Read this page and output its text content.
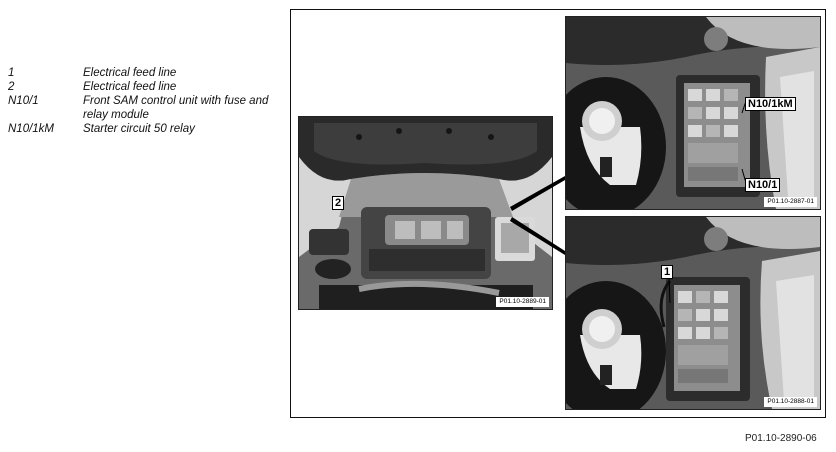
1	Electrical feed line
2	Electrical feed line
N10/1	Front SAM control unit with fuse and relay module
N10/1kM	Starter circuit 50 relay
2
P01.10-2889-01
N10/1kM
N10/1
P01.10-2887-01
1
P01.10-2888-01
P01.10-2890-06
